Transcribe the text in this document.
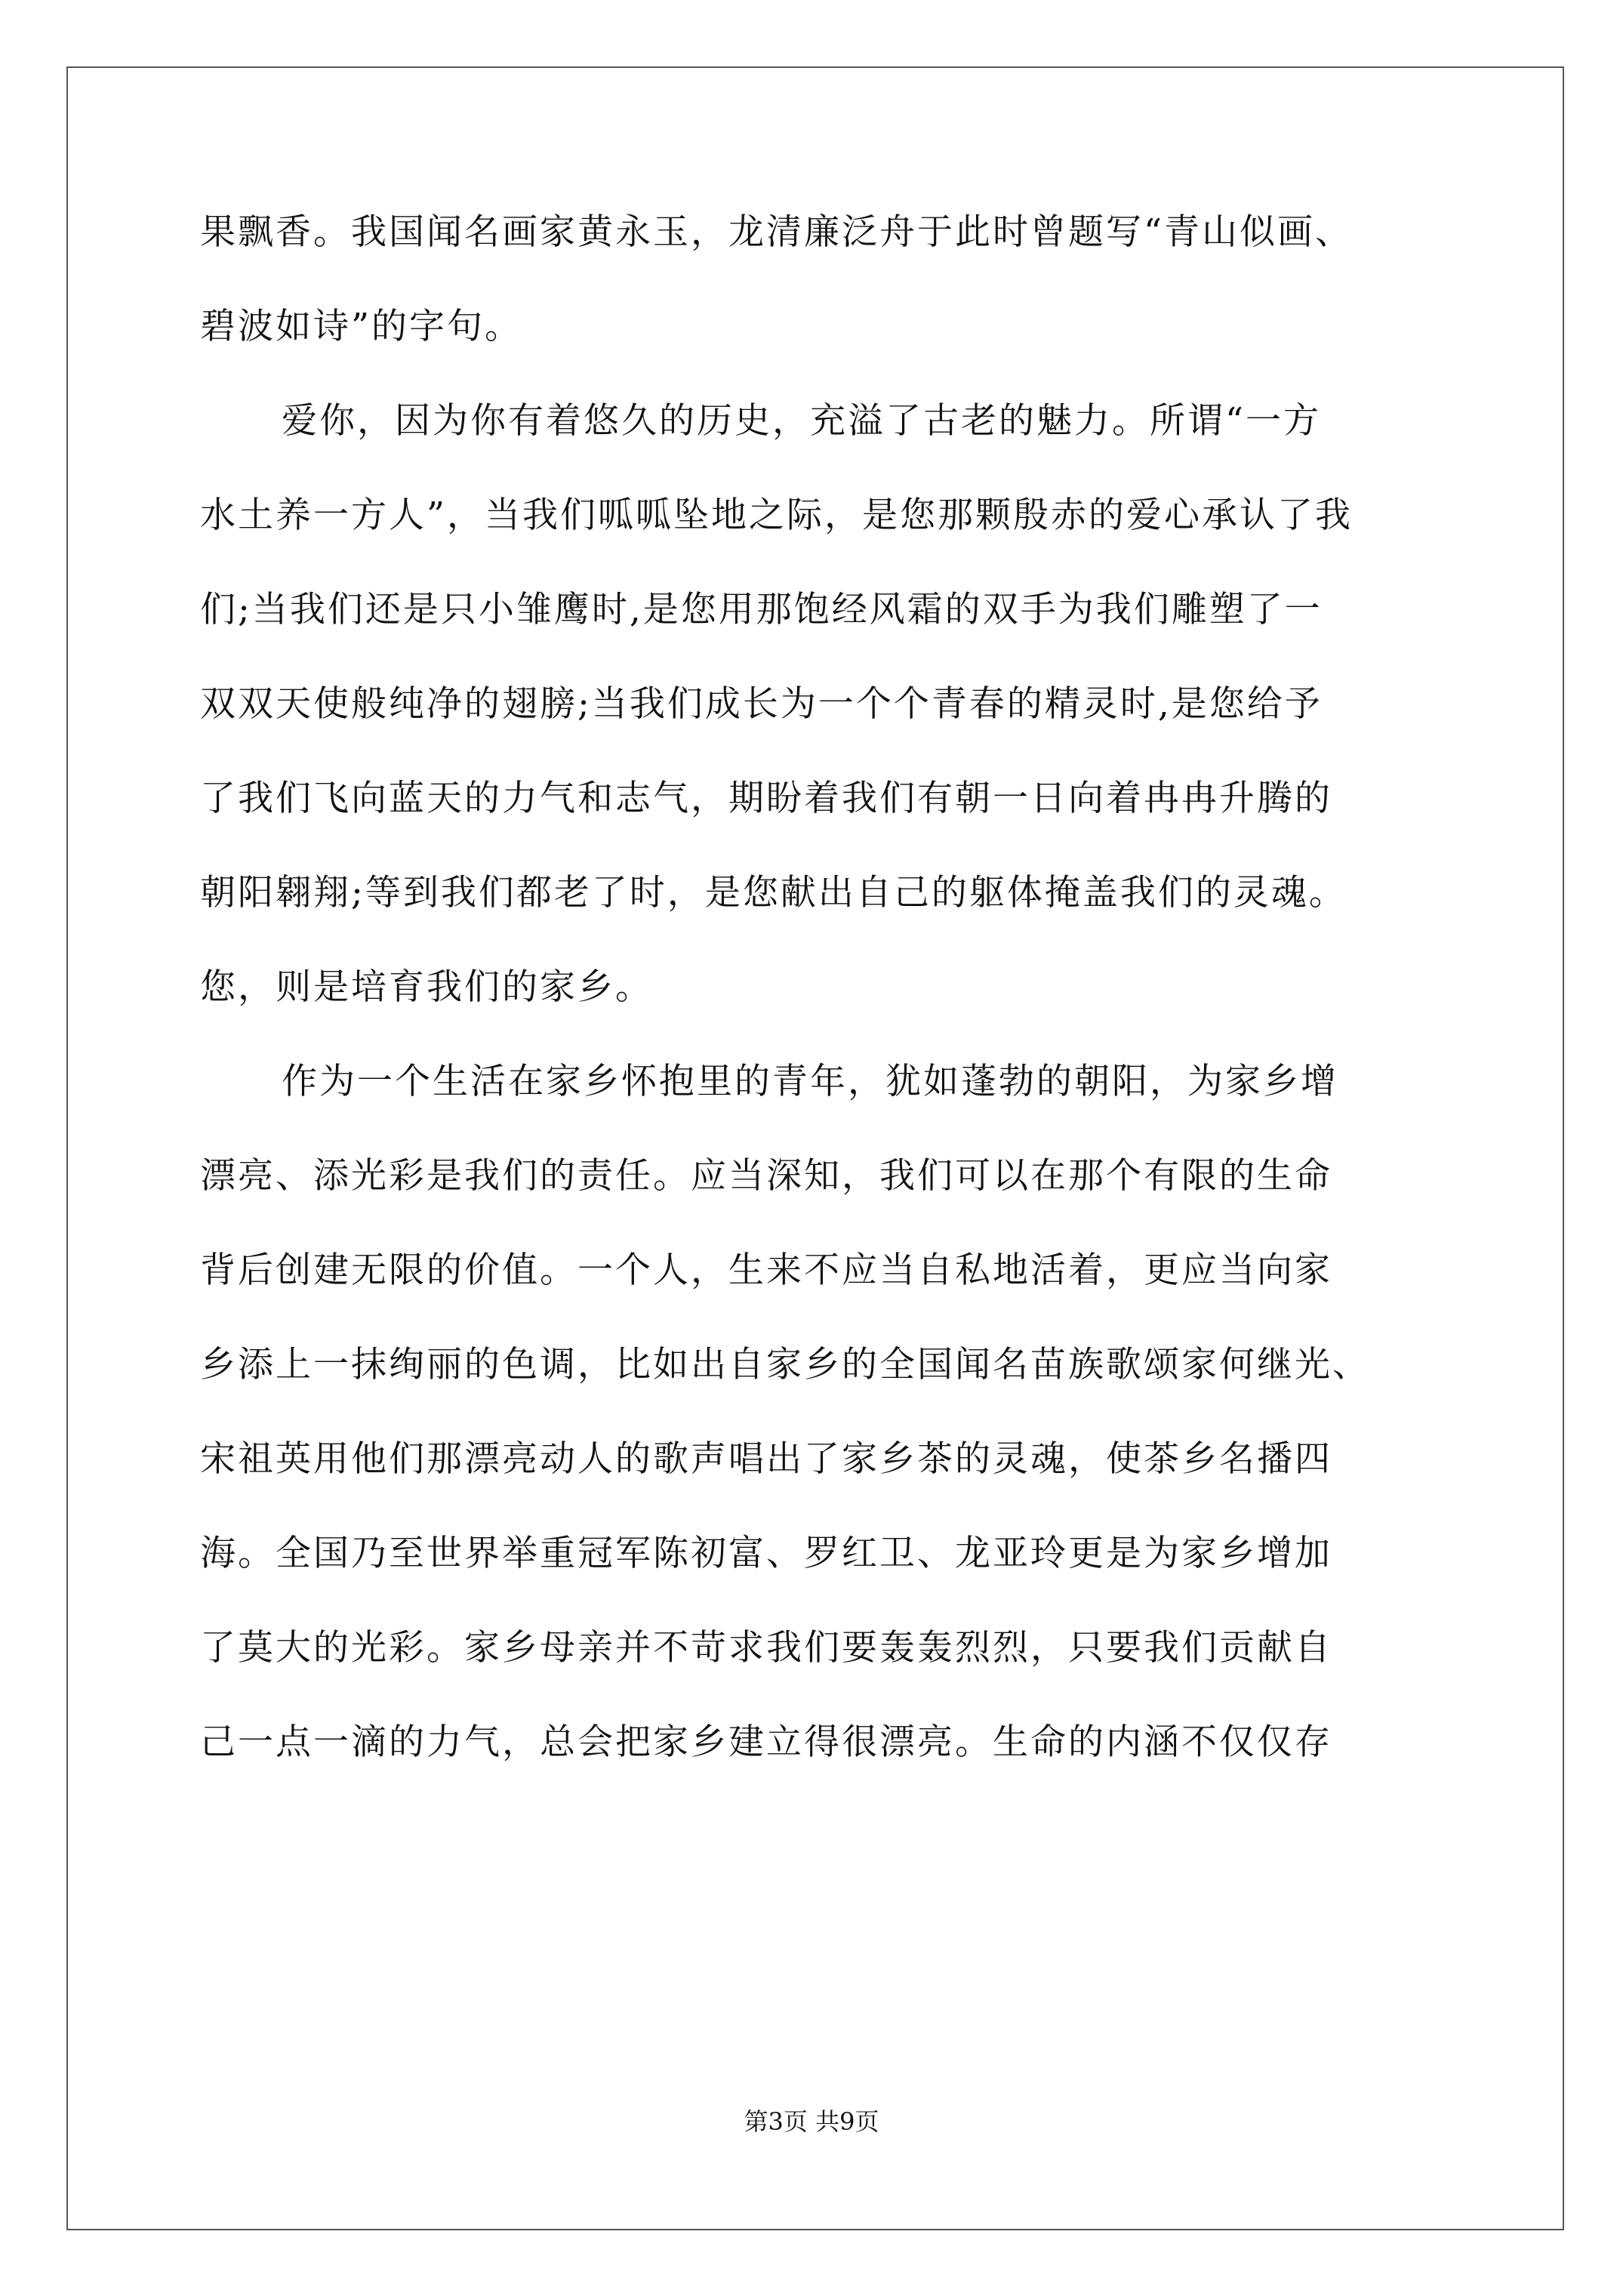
果飘香。我国闻名画家黄永玉，龙清廉泛舟于此时曾题写“青山似画、
碧波如诗”的字句。
爱你，因为你有着悠久的历史，充溢了古老的魅力。所谓“一方
水土养一方人”，当我们呱呱坠地之际，是您那颗殷赤的爱心承认了我
们;当我们还是只小雏鹰时,是您用那饱经风霜的双手为我们雕塑了一
双双天使般纯净的翅膀;当我们成长为一个个青春的精灵时,是您给予
了我们飞向蓝天的力气和志气，期盼着我们有朝一日向着冉冉升腾的
朝阳翱翔;等到我们都老了时，是您献出自己的躯体掩盖我们的灵魂。
您，则是培育我们的家乡。
作为一个生活在家乡怀抱里的青年，犹如蓬勃的朝阳，为家乡增
漂亮、添光彩是我们的责任。应当深知，我们可以在那个有限的生命
背后创建无限的价值。一个人，生来不应当自私地活着，更应当向家
乡添上一抹绚丽的色调，比如出自家乡的全国闻名苗族歌颂家何继光、
宋祖英用他们那漂亮动人的歌声唱出了家乡茶的灵魂，使茶乡名播四
海。全国乃至世界举重冠军陈初富、罗红卫、龙亚玲更是为家乡增加
了莫大的光彩。家乡母亲并不苛求我们要轰轰烈烈，只要我们贡献自
己一点一滴的力气，总会把家乡建立得很漂亮。生命的内涵不仅仅存
第3页 共9页
